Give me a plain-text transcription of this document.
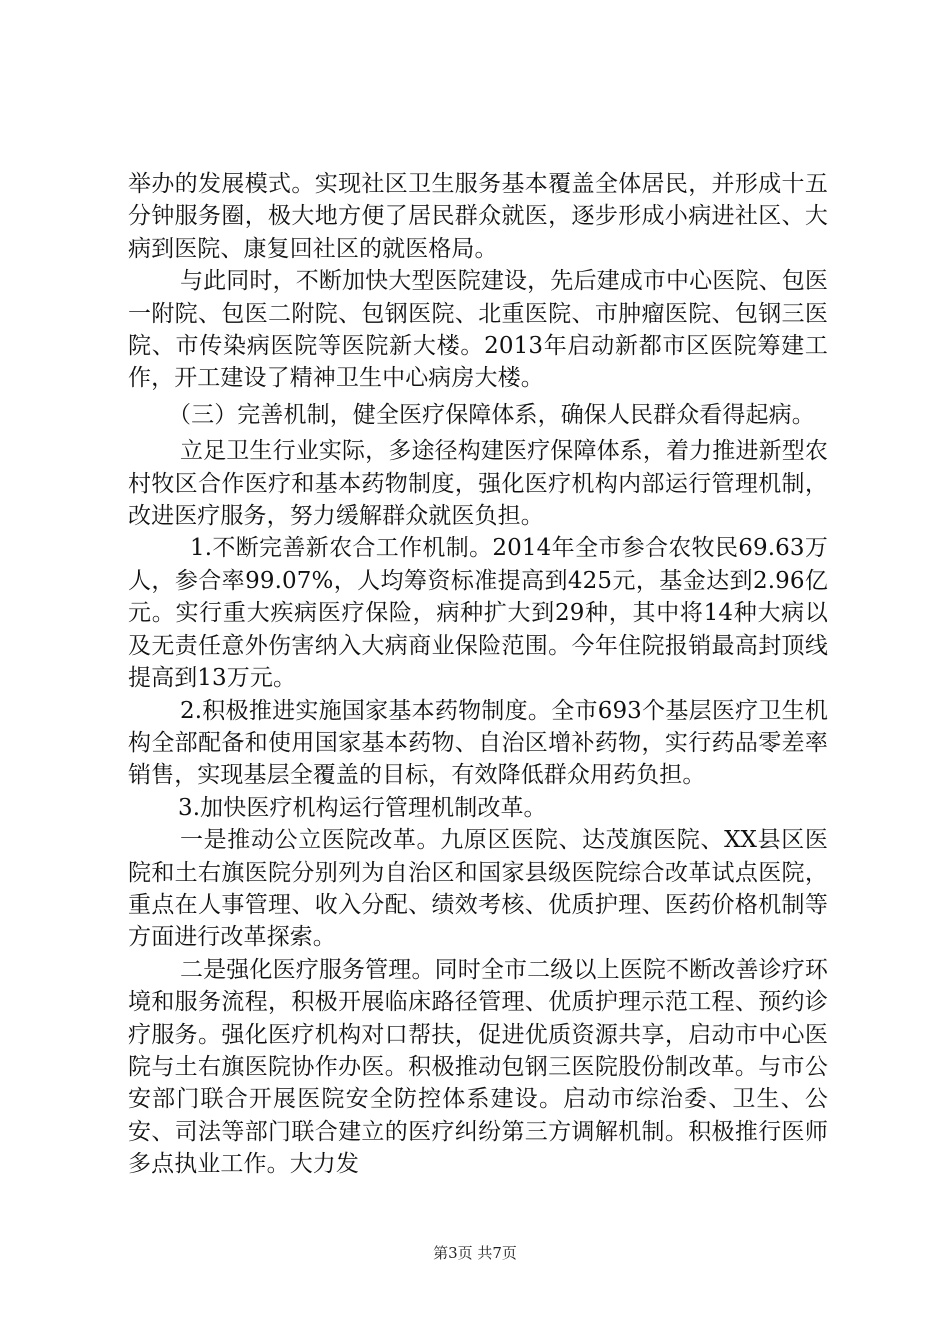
举办的发展模式。实现社区卫生服务基本覆盖全体居民，并形成十五分钟服务圈，极大地方便了居民群众就医，逐步形成小病进社区、大病到医院、康复回社区的就医格局。

与此同时，不断加快大型医院建设，先后建成市中心医院、包医一附院、包医二附院、包钢医院、北重医院、市肿瘤医院、包钢三医院、市传染病医院等医院新大楼。2013年启动新都市区医院筹建工作，开工建设了精神卫生中心病房大楼。

（三）完善机制，健全医疗保障体系，确保人民群众看得起病。

立足卫生行业实际，多途径构建医疗保障体系，着力推进新型农村牧区合作医疗和基本药物制度，强化医疗机构内部运行管理机制，改进医疗服务，努力缓解群众就医负担。

1.不断完善新农合工作机制。2014年全市参合农牧民69.63万人，参合率99.07%，人均筹资标准提高到425元，基金达到2.96亿元。实行重大疾病医疗保险，病种扩大到29种，其中将14种大病以及无责任意外伤害纳入大病商业保险范围。今年住院报销最高封顶线提高到13万元。

2.积极推进实施国家基本药物制度。全市693个基层医疗卫生机构全部配备和使用国家基本药物、自治区增补药物，实行药品零差率销售，实现基层全覆盖的目标，有效降低群众用药负担。

3.加快医疗机构运行管理机制改革。

一是推动公立医院改革。九原区医院、达茂旗医院、XX县区医院和土右旗医院分别列为自治区和国家县级医院综合改革试点医院，重点在人事管理、收入分配、绩效考核、优质护理、医药价格机制等方面进行改革探索。

二是强化医疗服务管理。同时全市二级以上医院不断改善诊疗环境和服务流程，积极开展临床路径管理、优质护理示范工程、预约诊疗服务。强化医疗机构对口帮扶，促进优质资源共享，启动市中心医院与土右旗医院协作办医。积极推动包钢三医院股份制改革。与市公安部门联合开展医院安全防控体系建设。启动市综治委、卫生、公安、司法等部门联合建立的医疗纠纷第三方调解机制。积极推行医师多点执业工作。大力发

第3页 共7页
